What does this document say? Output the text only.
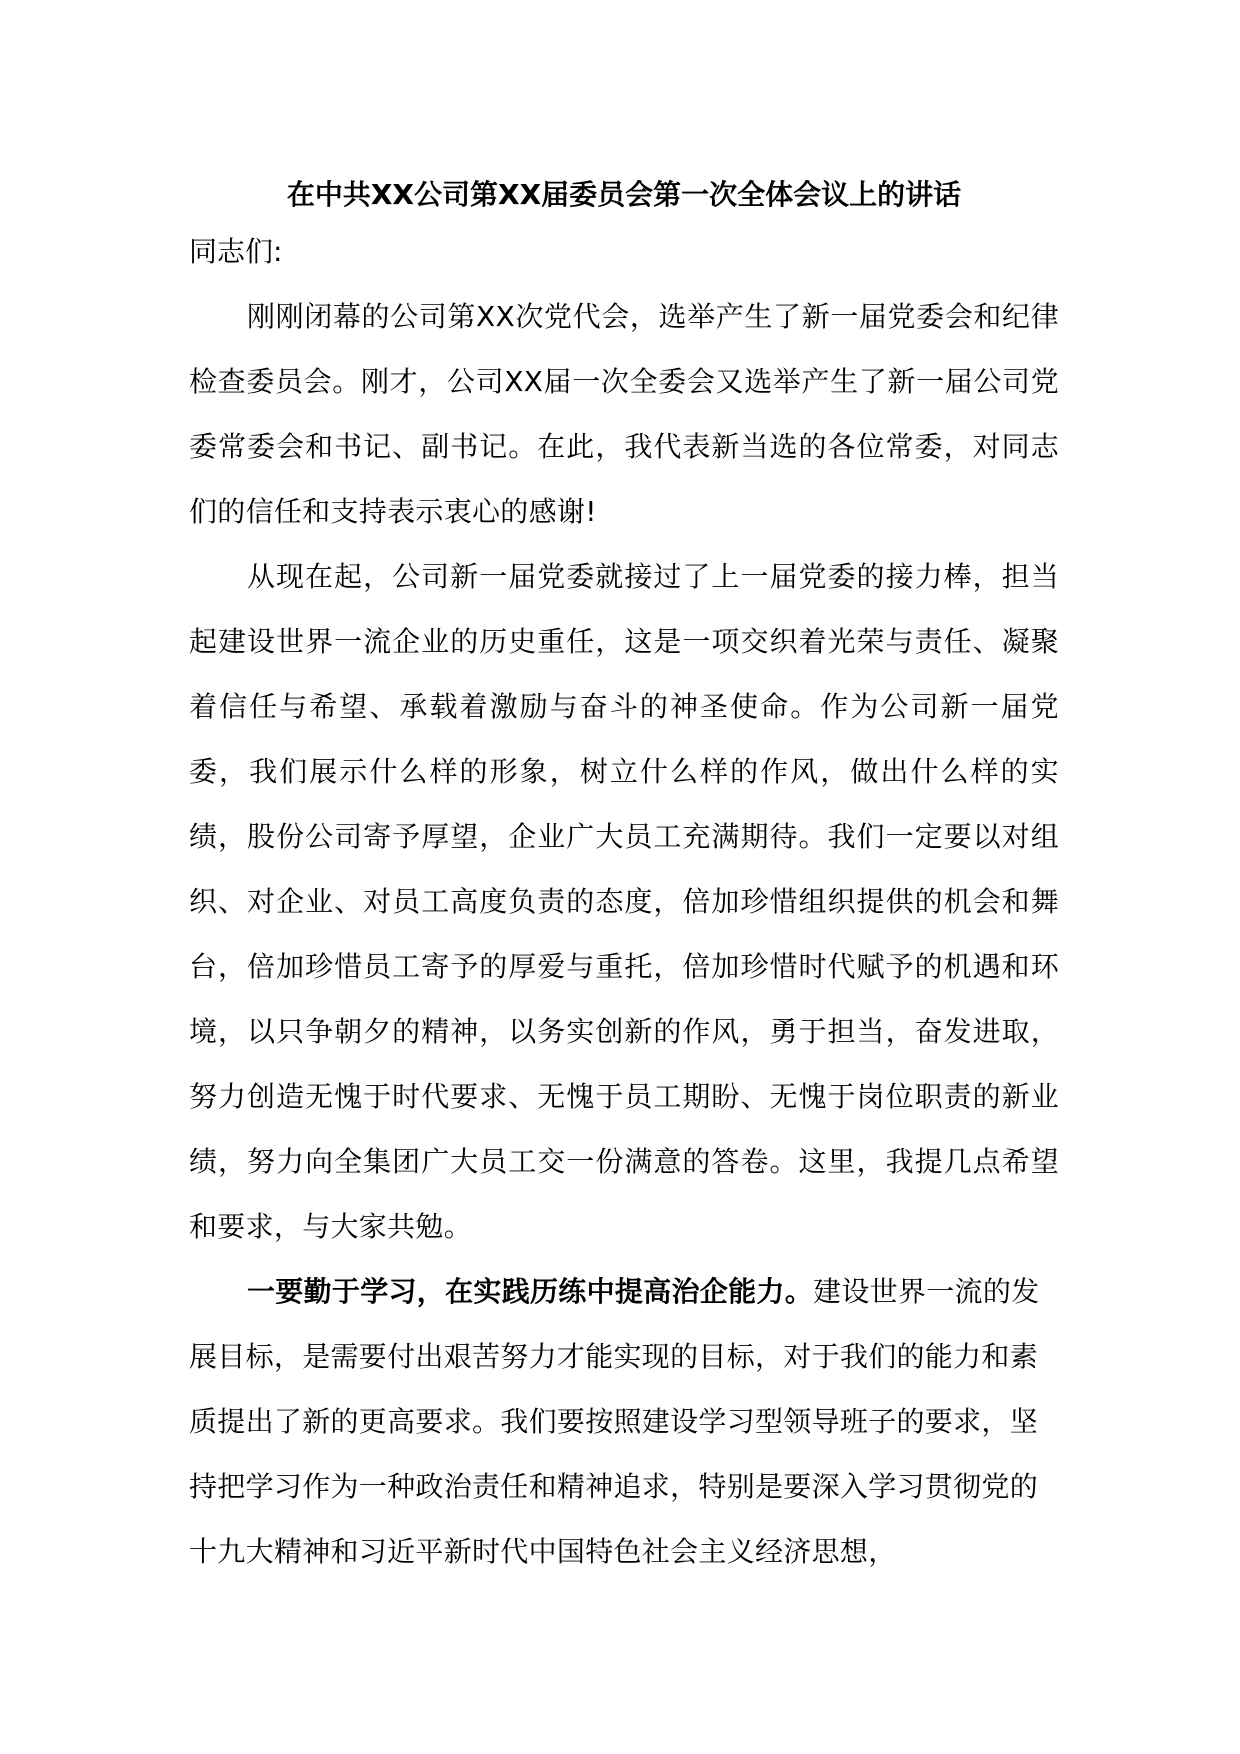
在中共XX公司第XX届委员会第一次全体会议上的讲话

同志们:

刚刚闭幕的公司第XX次党代会，选举产生了新一届党委会和纪律检查委员会。刚才，公司XX届一次全委会又选举产生了新一届公司党委常委会和书记、副书记。在此，我代表新当选的各位常委，对同志们的信任和支持表示衷心的感谢!

从现在起，公司新一届党委就接过了上一届党委的接力棒，担当起建设世界一流企业的历史重任，这是一项交织着光荣与责任、凝聚着信任与希望、承载着激励与奋斗的神圣使命。作为公司新一届党委，我们展示什么样的形象，树立什么样的作风，做出什么样的实绩，股份公司寄予厚望，企业广大员工充满期待。我们一定要以对组织、对企业、对员工高度负责的态度，倍加珍惜组织提供的机会和舞台，倍加珍惜员工寄予的厚爱与重托，倍加珍惜时代赋予的机遇和环境，以只争朝夕的精神，以务实创新的作风，勇于担当，奋发进取，努力创造无愧于时代要求、无愧于员工期盼、无愧于岗位职责的新业绩，努力向全集团广大员工交一份满意的答卷。这里，我提几点希望和要求，与大家共勉。

一要勤于学习，在实践历练中提高治企能力。建设世界一流的发展目标，是需要付出艰苦努力才能实现的目标，对于我们的能力和素质提出了新的更高要求。我们要按照建设学习型领导班子的要求，坚持把学习作为一种政治责任和精神追求，特别是要深入学习贯彻党的十九大精神和习近平新时代中国特色社会主义经济思想，
